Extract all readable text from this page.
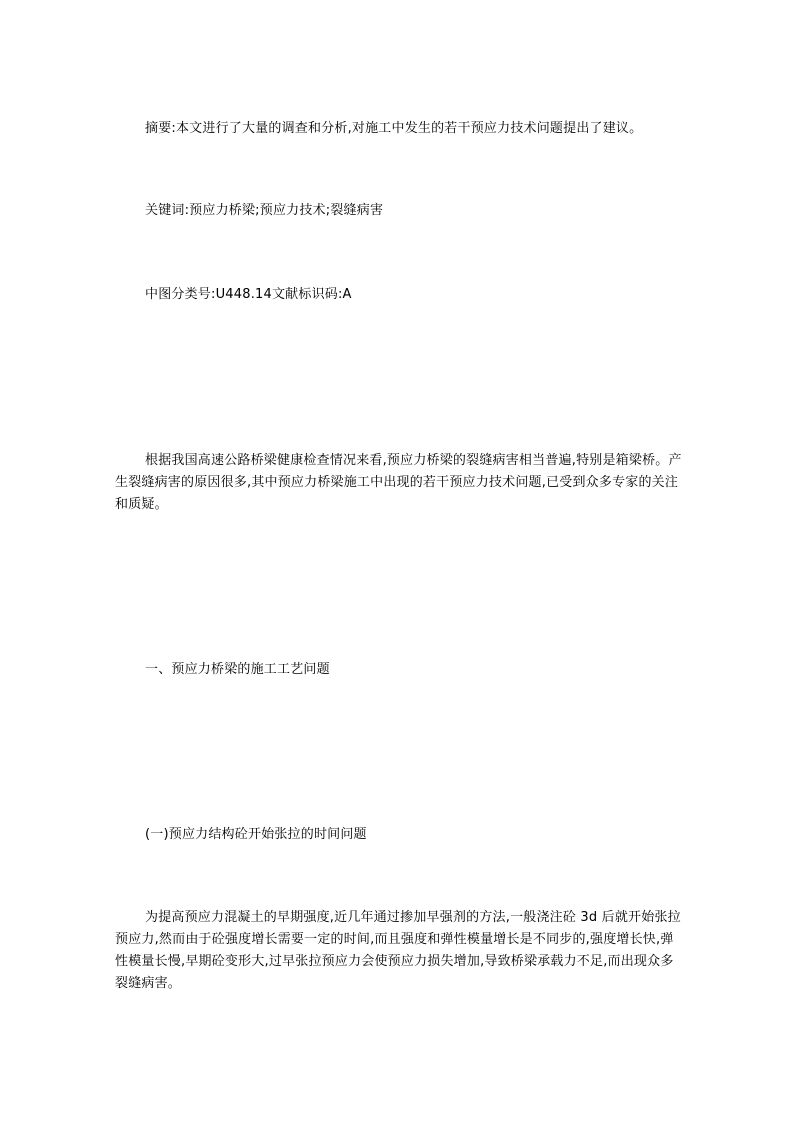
摘要:本文进行了大量的调查和分析,对施工中发生的若干预应力技术问题提出了建议。

关键词:预应力桥梁;预应力技术;裂缝病害

中图分类号:U448.14文献标识码:A

根据我国高速公路桥梁健康检查情况来看,预应力桥梁的裂缝病害相当普遍,特别是箱梁桥。产生裂缝病害的原因很多,其中预应力桥梁施工中出现的若干预应力技术问题,已受到众多专家的关注和质疑。

一、预应力桥梁的施工工艺问题

(一)预应力结构砼开始张拉的时间问题

为提高预应力混凝土的早期强度,近几年通过掺加早强剂的方法,一般浇注砼 3d 后就开始张拉预应力,然而由于砼强度增长需要一定的时间,而且强度和弹性模量增长是不同步的,强度增长快,弹性模量长慢,早期砼变形大,过早张拉预应力会使预应力损失增加,导致桥梁承载力不足,而出现众多裂缝病害。
